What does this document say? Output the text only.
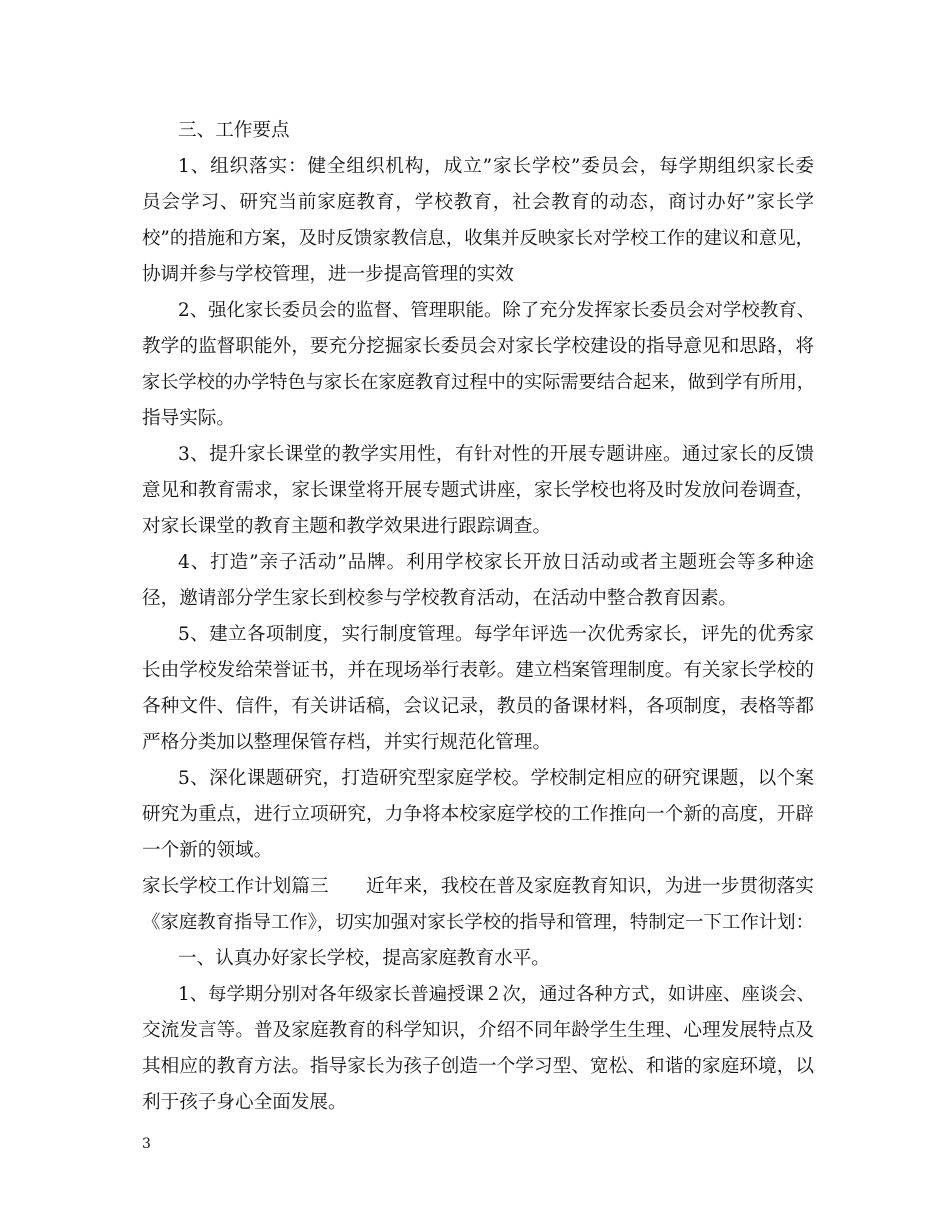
三、工作要点
1、组织落实：健全组织机构，成立”家长学校”委员会，每学期组织家长委
员会学习、研究当前家庭教育，学校教育，社会教育的动态，商讨办好”家长学
校”的措施和方案，及时反馈家教信息，收集并反映家长对学校工作的建议和意见，
协调并参与学校管理，进一步提高管理的实效
2、强化家长委员会的监督、管理职能。除了充分发挥家长委员会对学校教育、
教学的监督职能外，要充分挖掘家长委员会对家长学校建设的指导意见和思路，将
家长学校的办学特色与家长在家庭教育过程中的实际需要结合起来，做到学有所用，
指导实际。
3、提升家长课堂的教学实用性，有针对性的开展专题讲座。通过家长的反馈
意见和教育需求，家长课堂将开展专题式讲座，家长学校也将及时发放问卷调查，
对家长课堂的教育主题和教学效果进行跟踪调查。
4、打造”亲子活动”品牌。利用学校家长开放日活动或者主题班会等多种途
径，邀请部分学生家长到校参与学校教育活动，在活动中整合教育因素。
5、建立各项制度，实行制度管理。每学年评选一次优秀家长，评先的优秀家
长由学校发给荣誉证书，并在现场举行表彰。建立档案管理制度。有关家长学校的
各种文件、信件，有关讲话稿，会议记录，教员的备课材料，各项制度，表格等都
严格分类加以整理保管存档，并实行规范化管理。
5、深化课题研究，打造研究型家庭学校。学校制定相应的研究课题，以个案
研究为重点，进行立项研究，力争将本校家庭学校的工作推向一个新的高度，开辟
一个新的领域。
家长学校工作计划篇三　　近年来，我校在普及家庭教育知识，为进一步贯彻落实
《家庭教育指导工作》，切实加强对家长学校的指导和管理，特制定一下工作计划：
一、认真办好家长学校，提高家庭教育水平。
1、每学期分别对各年级家长普遍授课２次，通过各种方式，如讲座、座谈会、
交流发言等。普及家庭教育的科学知识，介绍不同年龄学生生理、心理发展特点及
其相应的教育方法。指导家长为孩子创造一个学习型、宽松、和谐的家庭环境，以
利于孩子身心全面发展。
3
